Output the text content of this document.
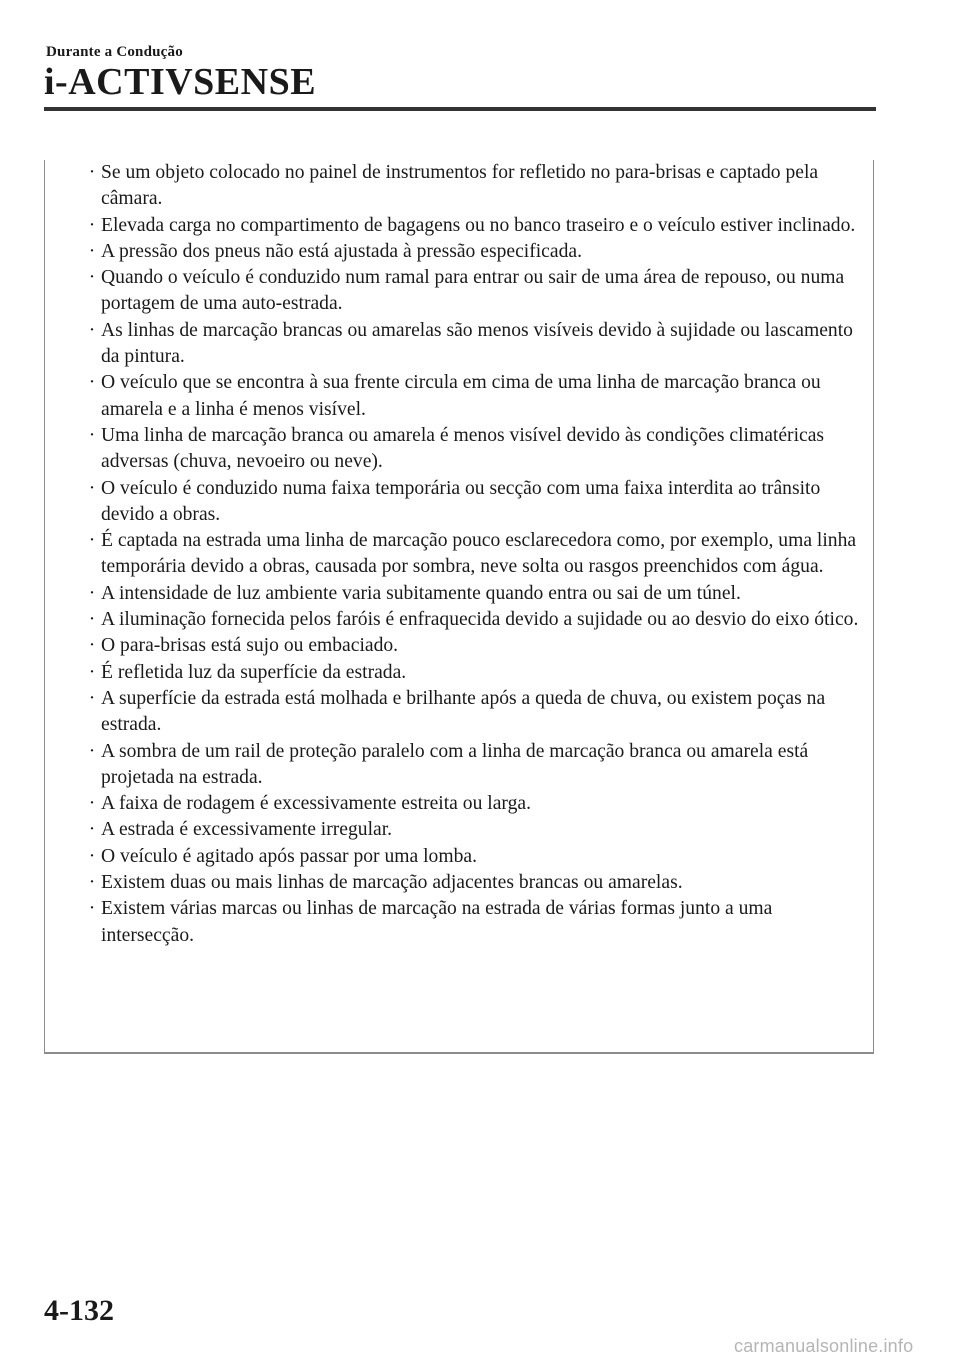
Durante a Condução
i-ACTIVSENSE
· Se um objeto colocado no painel de instrumentos for refletido no para-brisas e captado pela câmara.
· Elevada carga no compartimento de bagagens ou no banco traseiro e o veículo estiver inclinado.
· A pressão dos pneus não está ajustada à pressão especificada.
· Quando o veículo é conduzido num ramal para entrar ou sair de uma área de repouso, ou numa portagem de uma auto-estrada.
· As linhas de marcação brancas ou amarelas são menos visíveis devido à sujidade ou lascamento da pintura.
· O veículo que se encontra à sua frente circula em cima de uma linha de marcação branca ou amarela e a linha é menos visível.
· Uma linha de marcação branca ou amarela é menos visível devido às condições climatéricas adversas (chuva, nevoeiro ou neve).
· O veículo é conduzido numa faixa temporária ou secção com uma faixa interdita ao trânsito devido a obras.
· É captada na estrada uma linha de marcação pouco esclarecedora como, por exemplo, uma linha temporária devido a obras, causada por sombra, neve solta ou rasgos preenchidos com água.
· A intensidade de luz ambiente varia subitamente quando entra ou sai de um túnel.
· A iluminação fornecida pelos faróis é enfraquecida devido a sujidade ou ao desvio do eixo ótico.
· O para-brisas está sujo ou embaciado.
· É refletida luz da superfície da estrada.
· A superfície da estrada está molhada e brilhante após a queda de chuva, ou existem poças na estrada.
· A sombra de um rail de proteção paralelo com a linha de marcação branca ou amarela está projetada na estrada.
· A faixa de rodagem é excessivamente estreita ou larga.
· A estrada é excessivamente irregular.
· O veículo é agitado após passar por uma lomba.
· Existem duas ou mais linhas de marcação adjacentes brancas ou amarelas.
· Existem várias marcas ou linhas de marcação na estrada de várias formas junto a uma intersecção.
4-132
carmanualsonline.info
